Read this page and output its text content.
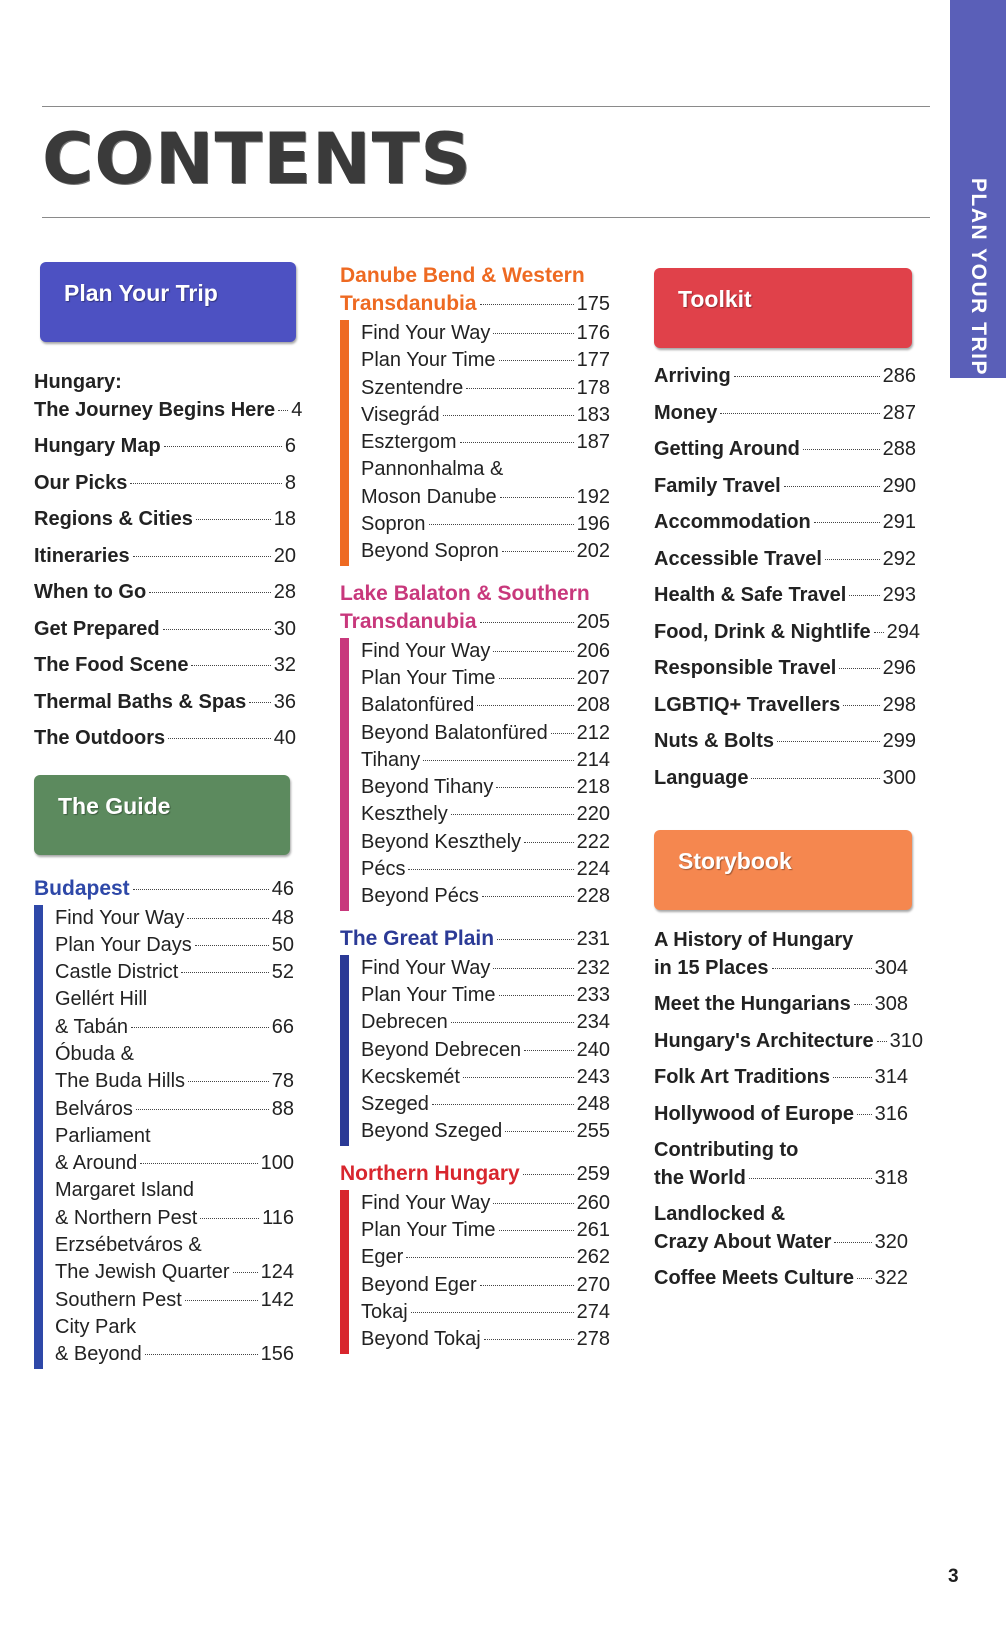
CONTENTS
PLAN YOUR TRIP
Plan Your Trip
Hungary:
The Journey Begins Here 4
Hungary Map	6
Our Picks	8
Regions & Cities	18
Itineraries	20
When to Go	28
Get Prepared	30
The Food Scene	32
Thermal Baths & Spas 36
The Outdoors	40
The Guide
Budapest	46
Find Your Way	48
Plan Your Days	50
Castle District	52
Gellért Hill
& Tabán	66
Óbuda &
The Buda Hills	78
Belváros	88
Parliament
& Around	100
Margaret Island
& Northern Pest	116
Erzsébetváros &
The Jewish Quarter 124
Southern Pest	142
City Park
& Beyond	156
Danube Bend & Western
Transdanubia	175
Find Your Way	176
Plan Your Time	177
Szentendre	178
Visegrád	183
Esztergom	187
Pannonhalma &
Moson Danube	192
Sopron	196
Beyond Sopron	202
Lake Balaton & Southern
Transdanubia	205
Find Your Way	206
Plan Your Time	207
Balatonfüred	208
Beyond Balatonfüred 212
Tihany	214
Beyond Tihany	218
Keszthely	220
Beyond Keszthely	222
Pécs	224
Beyond Pécs	228
The Great Plain	231
Find Your Way	232
Plan Your Time	233
Debrecen	234
Beyond Debrecen	240
Kecskemét	243
Szeged	248
Beyond Szeged	255
Northern Hungary	259
Find Your Way	260
Plan Your Time	261
Eger	262
Beyond Eger	270
Tokaj	274
Beyond Tokaj	278
Toolkit
Arriving	286
Money	287
Getting Around	288
Family Travel	290
Accommodation	291
Accessible Travel	292
Health & Safe Travel 293
Food, Drink & Nightlife 294
Responsible Travel 296
LGBTIQ+ Travellers 298
Nuts & Bolts	299
Language	300
Storybook
A History of Hungary
in 15 Places	304
Meet the Hungarians 308
Hungary's Architecture 310
Folk Art Traditions 314
Hollywood of Europe 316
Contributing to
the World	318
Landlocked &
Crazy About Water 320
Coffee Meets Culture 322
3
